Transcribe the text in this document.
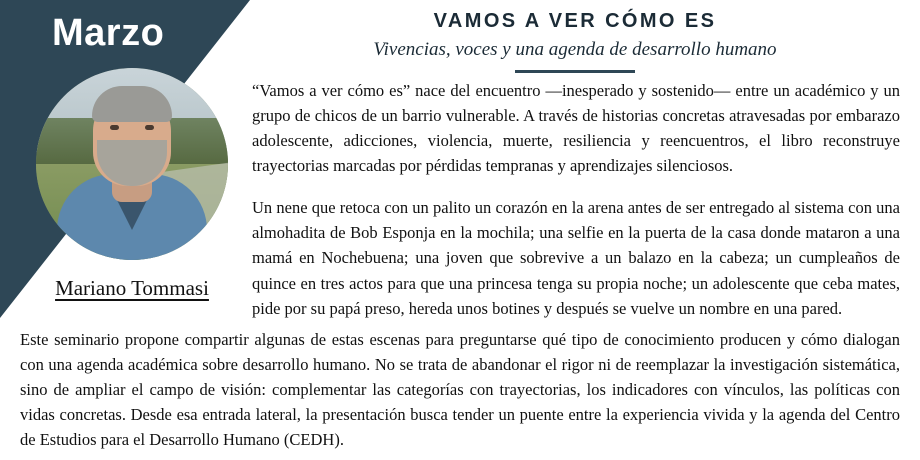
Marzo
Mariano Tommasi
VAMOS A VER CÓMO ES
Vivencias, voces y una agenda de desarrollo humano

“Vamos a ver cómo es” nace del encuentro —inesperado y sostenido— entre un académico y un grupo de chicos de un barrio vulnerable. A través de historias concretas atravesadas por embarazo adolescente, adicciones, violencia, muerte, resiliencia y reencuentros, el libro reconstruye trayectorias marcadas por pérdidas tempranas y aprendizajes silenciosos.

Un nene que retoca con un palito un corazón en la arena antes de ser entregado al sistema con una almohadita de Bob Esponja en la mochila; una selfie en la puerta de la casa donde mataron a una mamá en Nochebuena; una joven que sobrevive a un balazo en la cabeza; un cumpleaños de quince en tres actos para que una princesa tenga su propia noche; un adolescente que ceba mates, pide por su papá preso, hereda unos botines y después se vuelve un nombre en una pared.

Este seminario propone compartir algunas de estas escenas para preguntarse qué tipo de conocimiento producen y cómo dialogan con una agenda académica sobre desarrollo humano. No se trata de abandonar el rigor ni de reemplazar la investigación sistemática, sino de ampliar el campo de visión: complementar las categorías con trayectorias, los indicadores con vínculos, las políticas con vidas concretas. Desde esa entrada lateral, la presentación busca tender un puente entre la experiencia vivida y la agenda del Centro de Estudios para el Desarrollo Humano (CEDH).
